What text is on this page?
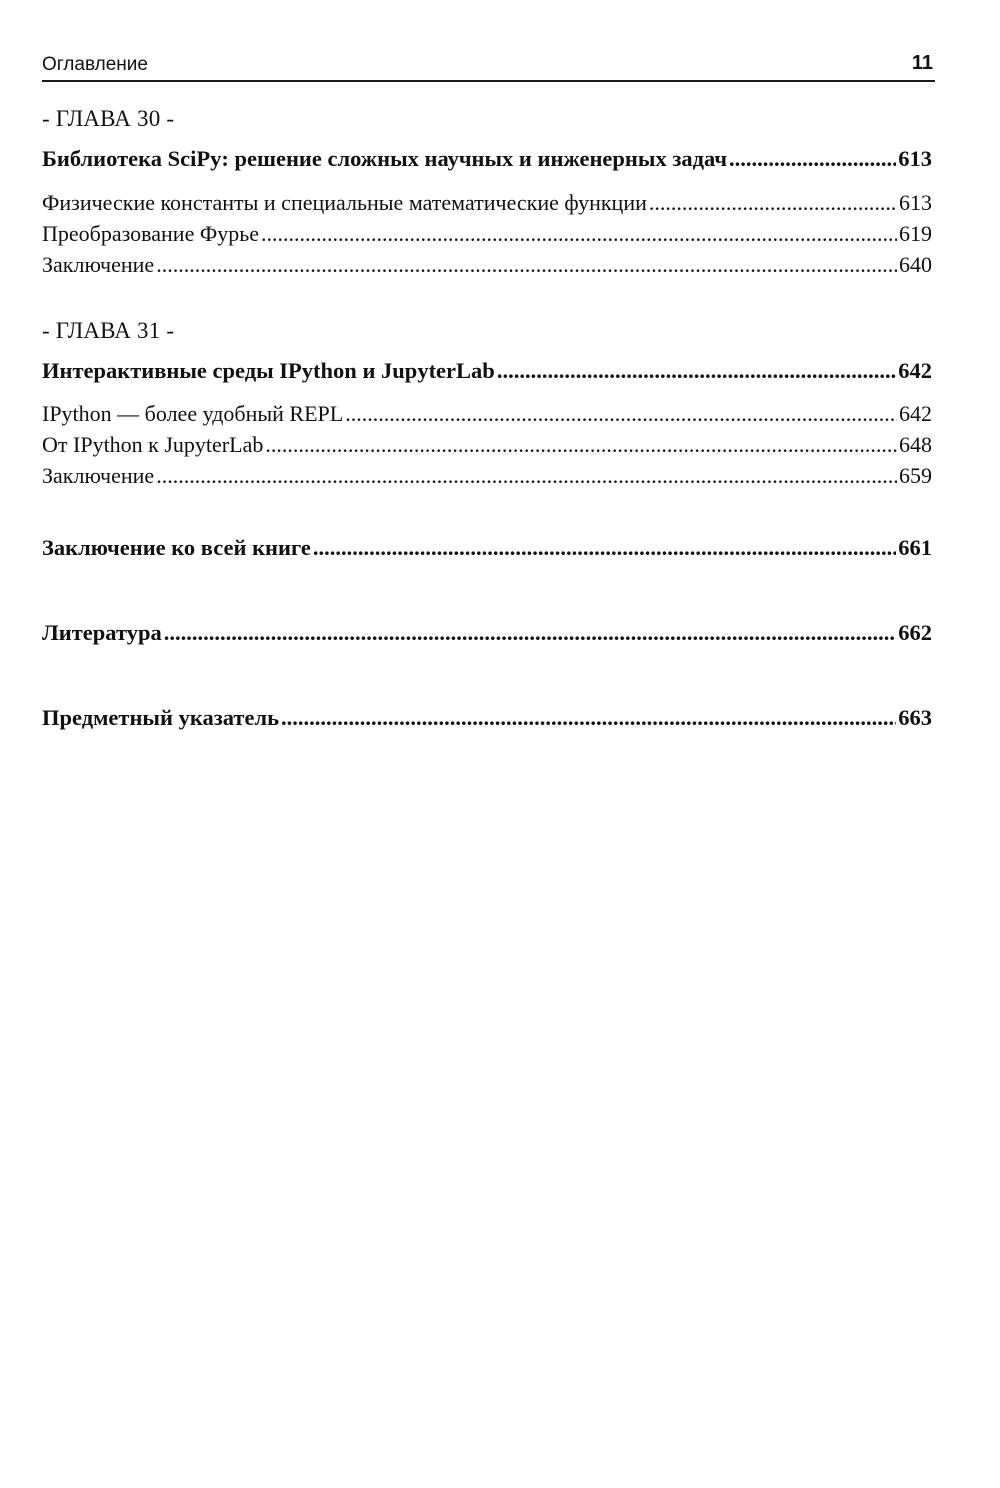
Оглавление	11
- ГЛАВА 30 -
Библиотека SciPy: решение сложных научных и инженерных задач .....	613
Физические константы и специальные математические функции .....	613
Преобразование Фурье .....	619
Заключение .....	640
- ГЛАВА 31 -
Интерактивные среды IPython и JupyterLab .....	642
IPython — более удобный REPL .....	642
От IPython к JupyterLab .....	648
Заключение .....	659
Заключение ко всей книге .....	661
Литература .....	662
Предметный указатель .....	663
